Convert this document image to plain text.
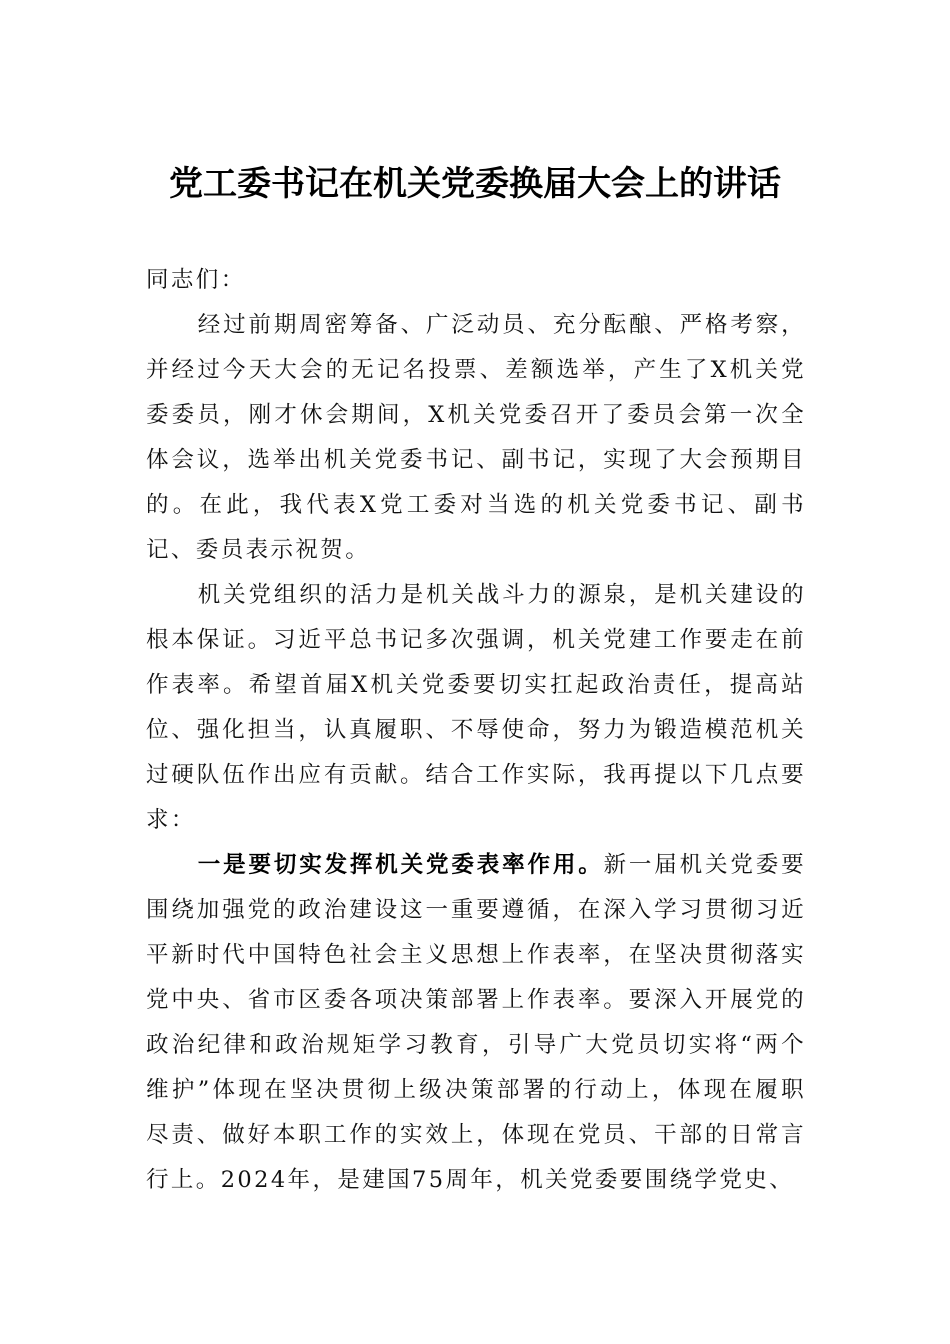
党工委书记在机关党委换届大会上的讲话

同志们：

经过前期周密筹备、广泛动员、充分酝酿、严格考察，并经过今天大会的无记名投票、差额选举，产生了X机关党委委员，刚才休会期间，X机关党委召开了委员会第一次全体会议，选举出机关党委书记、副书记，实现了大会预期目的。在此，我代表X党工委对当选的机关党委书记、副书记、委员表示祝贺。

机关党组织的活力是机关战斗力的源泉，是机关建设的根本保证。习近平总书记多次强调，机关党建工作要走在前作表率。希望首届X机关党委要切实扛起政治责任，提高站位、强化担当，认真履职、不辱使命，努力为锻造模范机关过硬队伍作出应有贡献。结合工作实际，我再提以下几点要求：

一是要切实发挥机关党委表率作用。新一届机关党委要围绕加强党的政治建设这一重要遵循，在深入学习贯彻习近平新时代中国特色社会主义思想上作表率，在坚决贯彻落实党中央、省市区委各项决策部署上作表率。要深入开展党的政治纪律和政治规矩学习教育，引导广大党员切实将“两个维护”体现在坚决贯彻上级决策部署的行动上，体现在履职尽责、做好本职工作的实效上，体现在党员、干部的日常言行上。2024年，是建国75周年，机关党委要围绕学党史、
